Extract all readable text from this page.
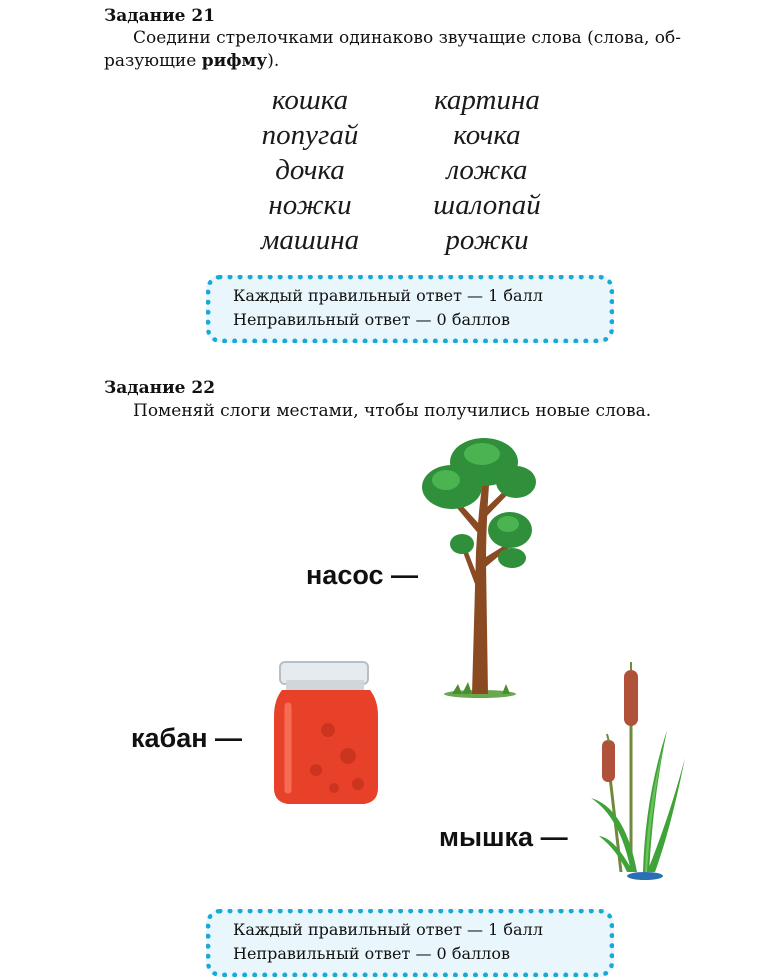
Задание 21
Соедини стрелочками одинаково звучащие слова (слова, об-
разующие рифму).
кошка
попугай
дочка
ножки
машина
картина
кочка
ложка
шалопай
рожки
Каждый правильный ответ — 1 балл
Неправильный ответ — 0 баллов
Задание 22
Поменяй слоги местами, чтобы получились новые слова.
насос —
кабан —
мышка —
Каждый правильный ответ — 1 балл
Неправильный ответ — 0 баллов
